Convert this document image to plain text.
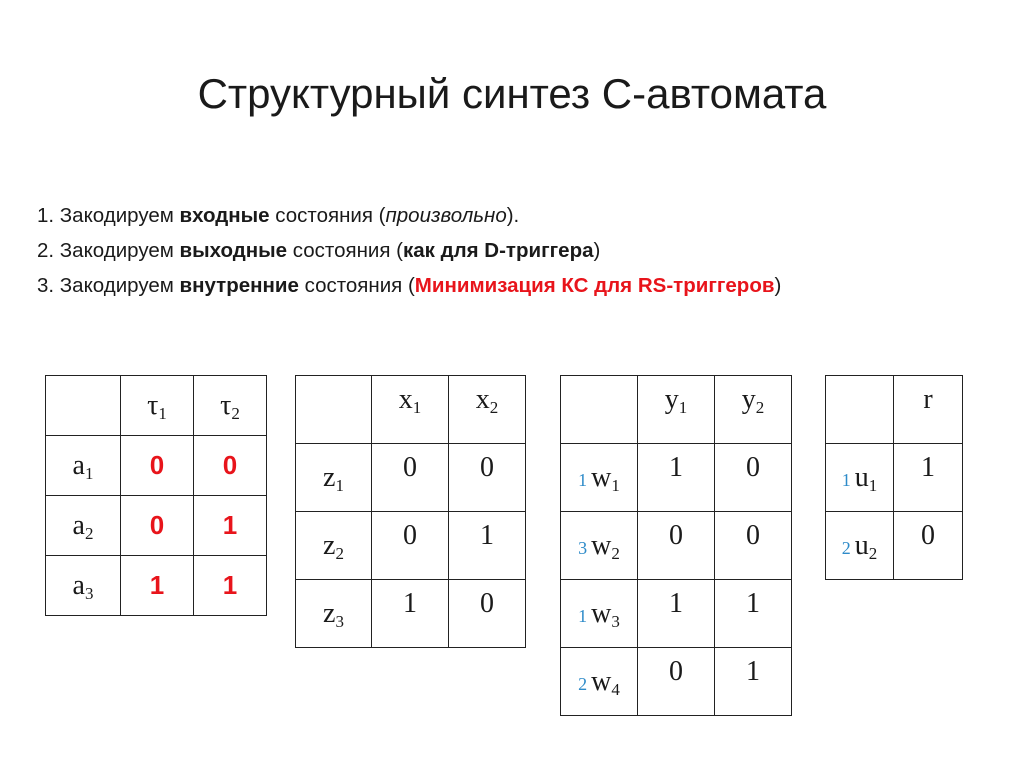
Структурный синтез С-автомата
1. Закодируем входные состояния (произвольно).
2. Закодируем выходные состояния (как для D-триггера)
3. Закодируем внутренние состояния (Минимизация КС для RS-триггеров)
	$\tau_1$	$\tau_2$
$a_1$	0	0
$a_2$	0	1
$a_3$	1	1
	$x_1$	$x_2$
$z_1$	0	0
$z_2$	0	1
$z_3$	1	0
	$y_1$	$y_2$
1 $w_1$	1	0
3 $w_2$	0	0
1 $w_3$	1	1
2 $w_4$	0	1
	r
1 $u_1$	1
2 $u_2$	0
